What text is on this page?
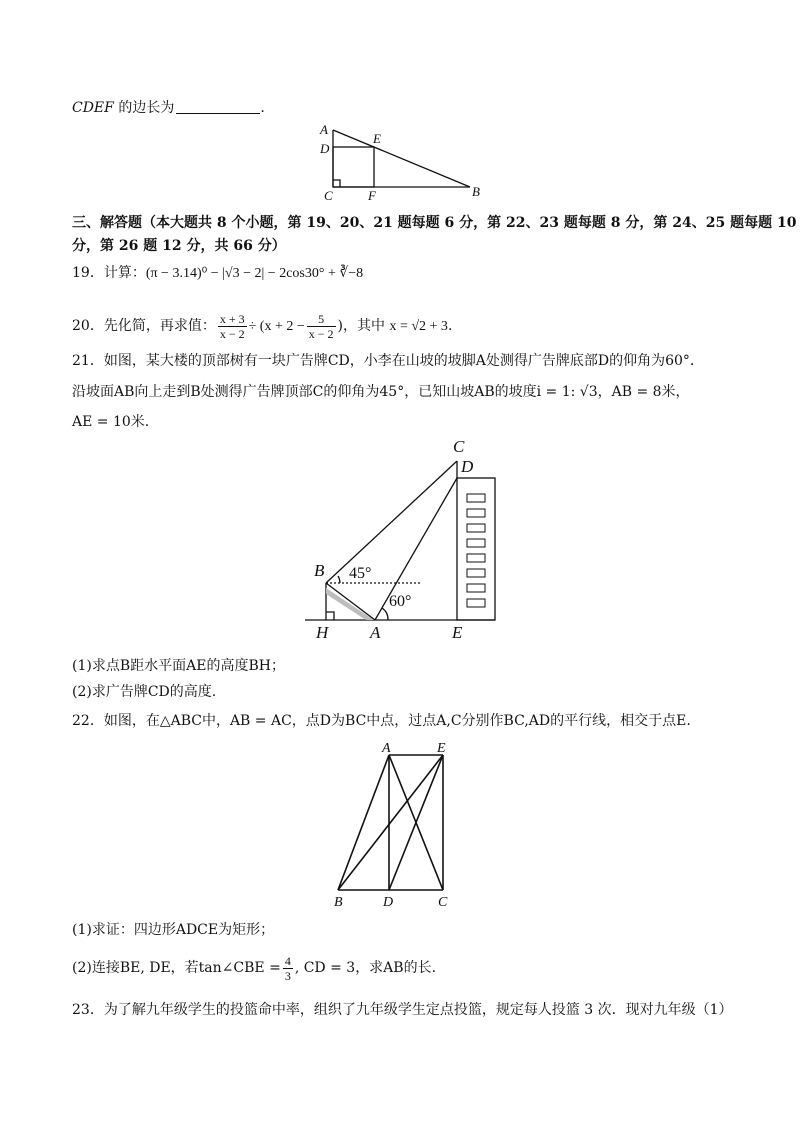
CDEF 的边长为	.
A
D
E
C	F	B
三、解答题（本大题共 8 个小题，第 19、20、21 题每题 6 分，第 22、23 题每题 8 分，第 24、25 题每题 10
分，第 26 题 12 分，共 66 分）
19．计算：(π − 3.14)⁰ − |√3 − 2| − 2cos30° + ∛−8
20．先化简，再求值： $\frac{x + 3}{x - 2} \div (x + 2 - \frac{5}{x - 2}$ )，其中 x = √2 + 3.
21．如图，某大楼的顶部树有一块广告牌CD，小李在山坡的坡脚A处测得广告牌底部D的仰角为60°.
沿坡面AB向上走到B处测得广告牌顶部C的仰角为45°，已知山坡AB的坡度i = 1: √3，AB = 8米，
AE = 10米.
C
D
B
H A	E
45°
60°
(1)求点B距水平面AE的高度BH；
(2)求广告牌CD的高度.
22．如图，在△ABC中，AB = AC，点D为BC中点，过点A,C分别作BC,AD的平行线，相交于点E.
A	E
B	D	C
(1)求证：四边形ADCE为矩形；
(2)连接BE, DE，若tan∠CBE = $\frac{4}{3}$ , CD = 3，求AB的长.
23．为了解九年级学生的投篮命中率，组织了九年级学生定点投篮，规定每人投篮 3 次．现对九年级（1）
